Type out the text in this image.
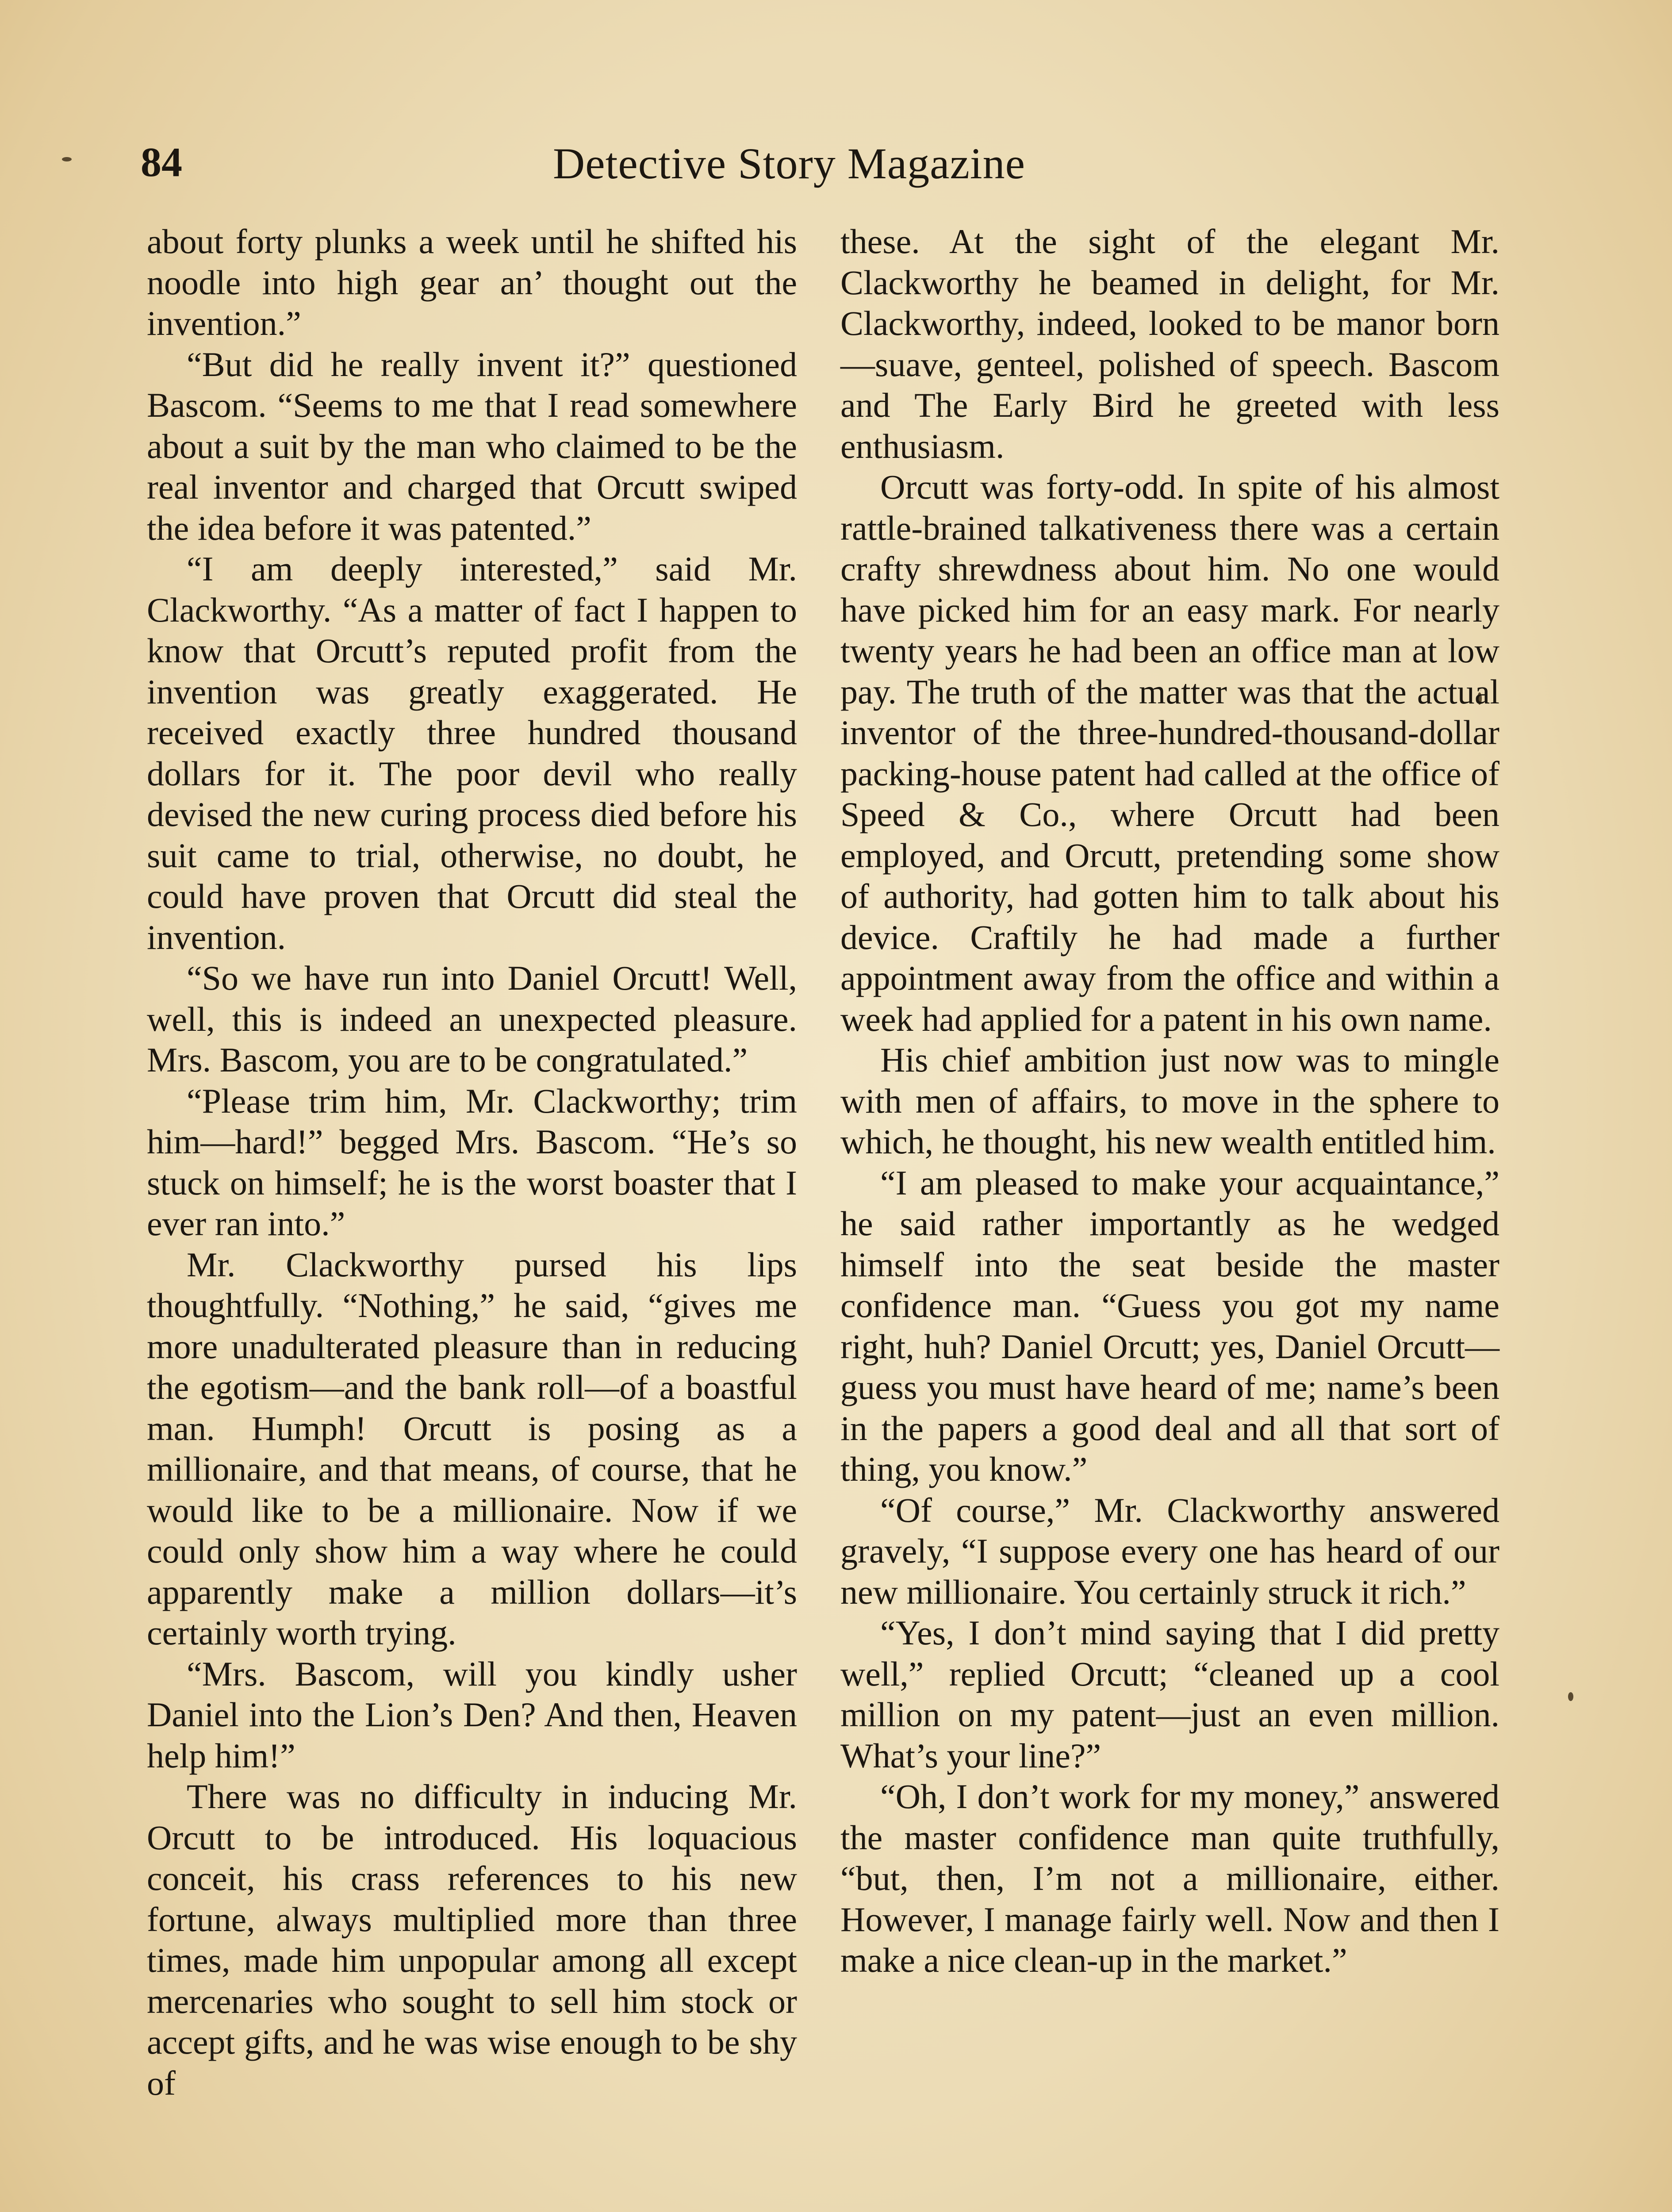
84	Detective Story Magazine

about forty plunks a week until he shifted his noodle into high gear an’ thought out the invention.”

“But did he really invent it?” questioned Bascom. “Seems to me that I read somewhere about a suit by the man who claimed to be the real inventor and charged that Orcutt swiped the idea before it was patented.”

“I am deeply interested,” said Mr. Clackworthy. “As a matter of fact I happen to know that Orcutt’s reputed profit from the invention was greatly exaggerated. He received exactly three hundred thousand dollars for it. The poor devil who really devised the new curing process died before his suit came to trial, otherwise, no doubt, he could have proven that Orcutt did steal the invention.

“So we have run into Daniel Orcutt! Well, well, this is indeed an unexpected pleasure. Mrs. Bascom, you are to be congratulated.”

“Please trim him, Mr. Clackworthy; trim him—hard!” begged Mrs. Bascom. “He’s so stuck on himself; he is the worst boaster that I ever ran into.”

Mr. Clackworthy pursed his lips thoughtfully. “Nothing,” he said, “gives me more unadulterated pleasure than in reducing the egotism—and the bank roll—of a boastful man. Humph! Orcutt is posing as a millionaire, and that means, of course, that he would like to be a millionaire. Now if we could only show him a way where he could apparently make a million dollars—it’s certainly worth trying.

“Mrs. Bascom, will you kindly usher Daniel into the Lion’s Den? And then, Heaven help him!”

There was no difficulty in inducing Mr. Orcutt to be introduced. His loquacious conceit, his crass references to his new fortune, always multiplied more than three times, made him unpopular among all except mercenaries who sought to sell him stock or accept gifts, and he was wise enough to be shy of

these. At the sight of the elegant Mr. Clackworthy he beamed in delight, for Mr. Clackworthy, indeed, looked to be manor born—suave, genteel, polished of speech. Bascom and The Early Bird he greeted with less enthusiasm.

Orcutt was forty-odd. In spite of his almost rattle-brained talkativeness there was a certain crafty shrewdness about him. No one would have picked him for an easy mark. For nearly twenty years he had been an office man at low pay. The truth of the matter was that the actual inventor of the three-hundred-thousand-dollar packing-house patent had called at the office of Speed & Co., where Orcutt had been employed, and Orcutt, pretending some show of authority, had gotten him to talk about his device. Craftily he had made a further appointment away from the office and within a week had applied for a patent in his own name.

His chief ambition just now was to mingle with men of affairs, to move in the sphere to which, he thought, his new wealth entitled him.

“I am pleased to make your acquaintance,” he said rather importantly as he wedged himself into the seat beside the master confidence man. “Guess you got my name right, huh? Daniel Orcutt; yes, Daniel Orcutt—guess you must have heard of me; name’s been in the papers a good deal and all that sort of thing, you know.”

“Of course,” Mr. Clackworthy answered gravely, “I suppose every one has heard of our new millionaire. You certainly struck it rich.”

“Yes, I don’t mind saying that I did pretty well,” replied Orcutt; “cleaned up a cool million on my patent—just an even million. What’s your line?”

“Oh, I don’t work for my money,” answered the master confidence man quite truthfully, “but, then, I’m not a millionaire, either. However, I manage fairly well. Now and then I make a nice clean-up in the market.”
